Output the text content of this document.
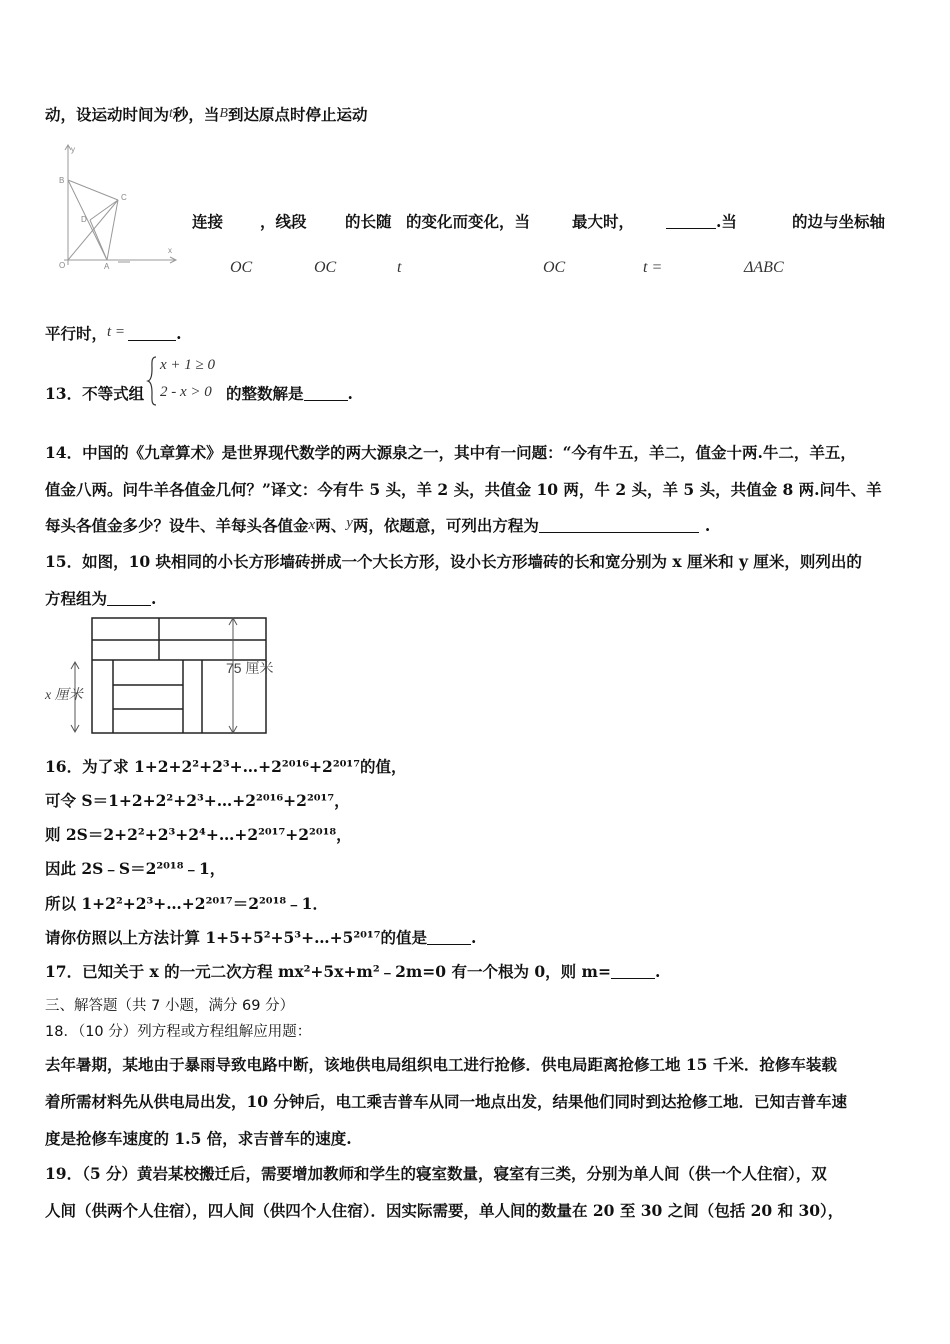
动，设运动时间为t秒，当B到达原点时停止运动
y
B
C
D
O	A
x
连接 ，线段 的长随 的变化而变化，当	最大时，	.当	的边与坐标轴
OC	OC	t	OC	t =	ΔABC
平行时，t =	.
13．不等式组
x + 1 ≥ 0
2 - x > 0 的整数解是	.
14．中国的《九章算术》是世界现代数学的两大源泉之一，其中有一问题：“今有牛五，羊二，值金十两.牛二，羊五，
值金八两。问牛羊各值金几何？”译文：今有牛 5 头，羊 2 头，共值金 10 两，牛 2 头，羊 5 头，共值金 8 两.问牛、羊
每头各值金多少？设牛、羊每头各值金x两、y两，依题意，可列出方程为	.
15．如图，10 块相同的小长方形墙砖拼成一个大长方形，设小长方形墙砖的长和宽分别为 x 厘米和 y 厘米，则列出的
方程组为	.
75 厘米
x 厘米
16．为了求 1+2+2²+2³+…+2²⁰¹⁶+2²⁰¹⁷的值，
可令 S＝1+2+2²+2³+…+2²⁰¹⁶+2²⁰¹⁷，
则 2S＝2+2²+2³+2⁴+…+2²⁰¹⁷+2²⁰¹⁸，
因此 2S﹣S＝2²⁰¹⁸﹣1，
所以 1+2²+2³+…+2²⁰¹⁷＝2²⁰¹⁸﹣1．
请你仿照以上方法计算 1+5+5²+5³+…+5²⁰¹⁷的值是	.
17．已知关于 x 的一元二次方程 mx²+5x+m²﹣2m=0 有一个根为 0，则 m=	.
三、解答题（共 7 小题，满分 69 分）
18．（10 分）列方程或方程组解应用题：
去年暑期，某地由于暴雨导致电路中断，该地供电局组织电工进行抢修．供电局距离抢修工地 15 千米．抢修车装载
着所需材料先从供电局出发，10 分钟后，电工乘吉普车从同一地点出发，结果他们同时到达抢修工地．已知吉普车速
度是抢修车速度的 1.5 倍，求吉普车的速度.
19．（5 分）黄岩某校搬迁后，需要增加教师和学生的寝室数量，寝室有三类，分别为单人间（供一个人住宿），双
人间（供两个人住宿），四人间（供四个人住宿）．因实际需要，单人间的数量在 20 至 30 之间（包括 20 和 30），
